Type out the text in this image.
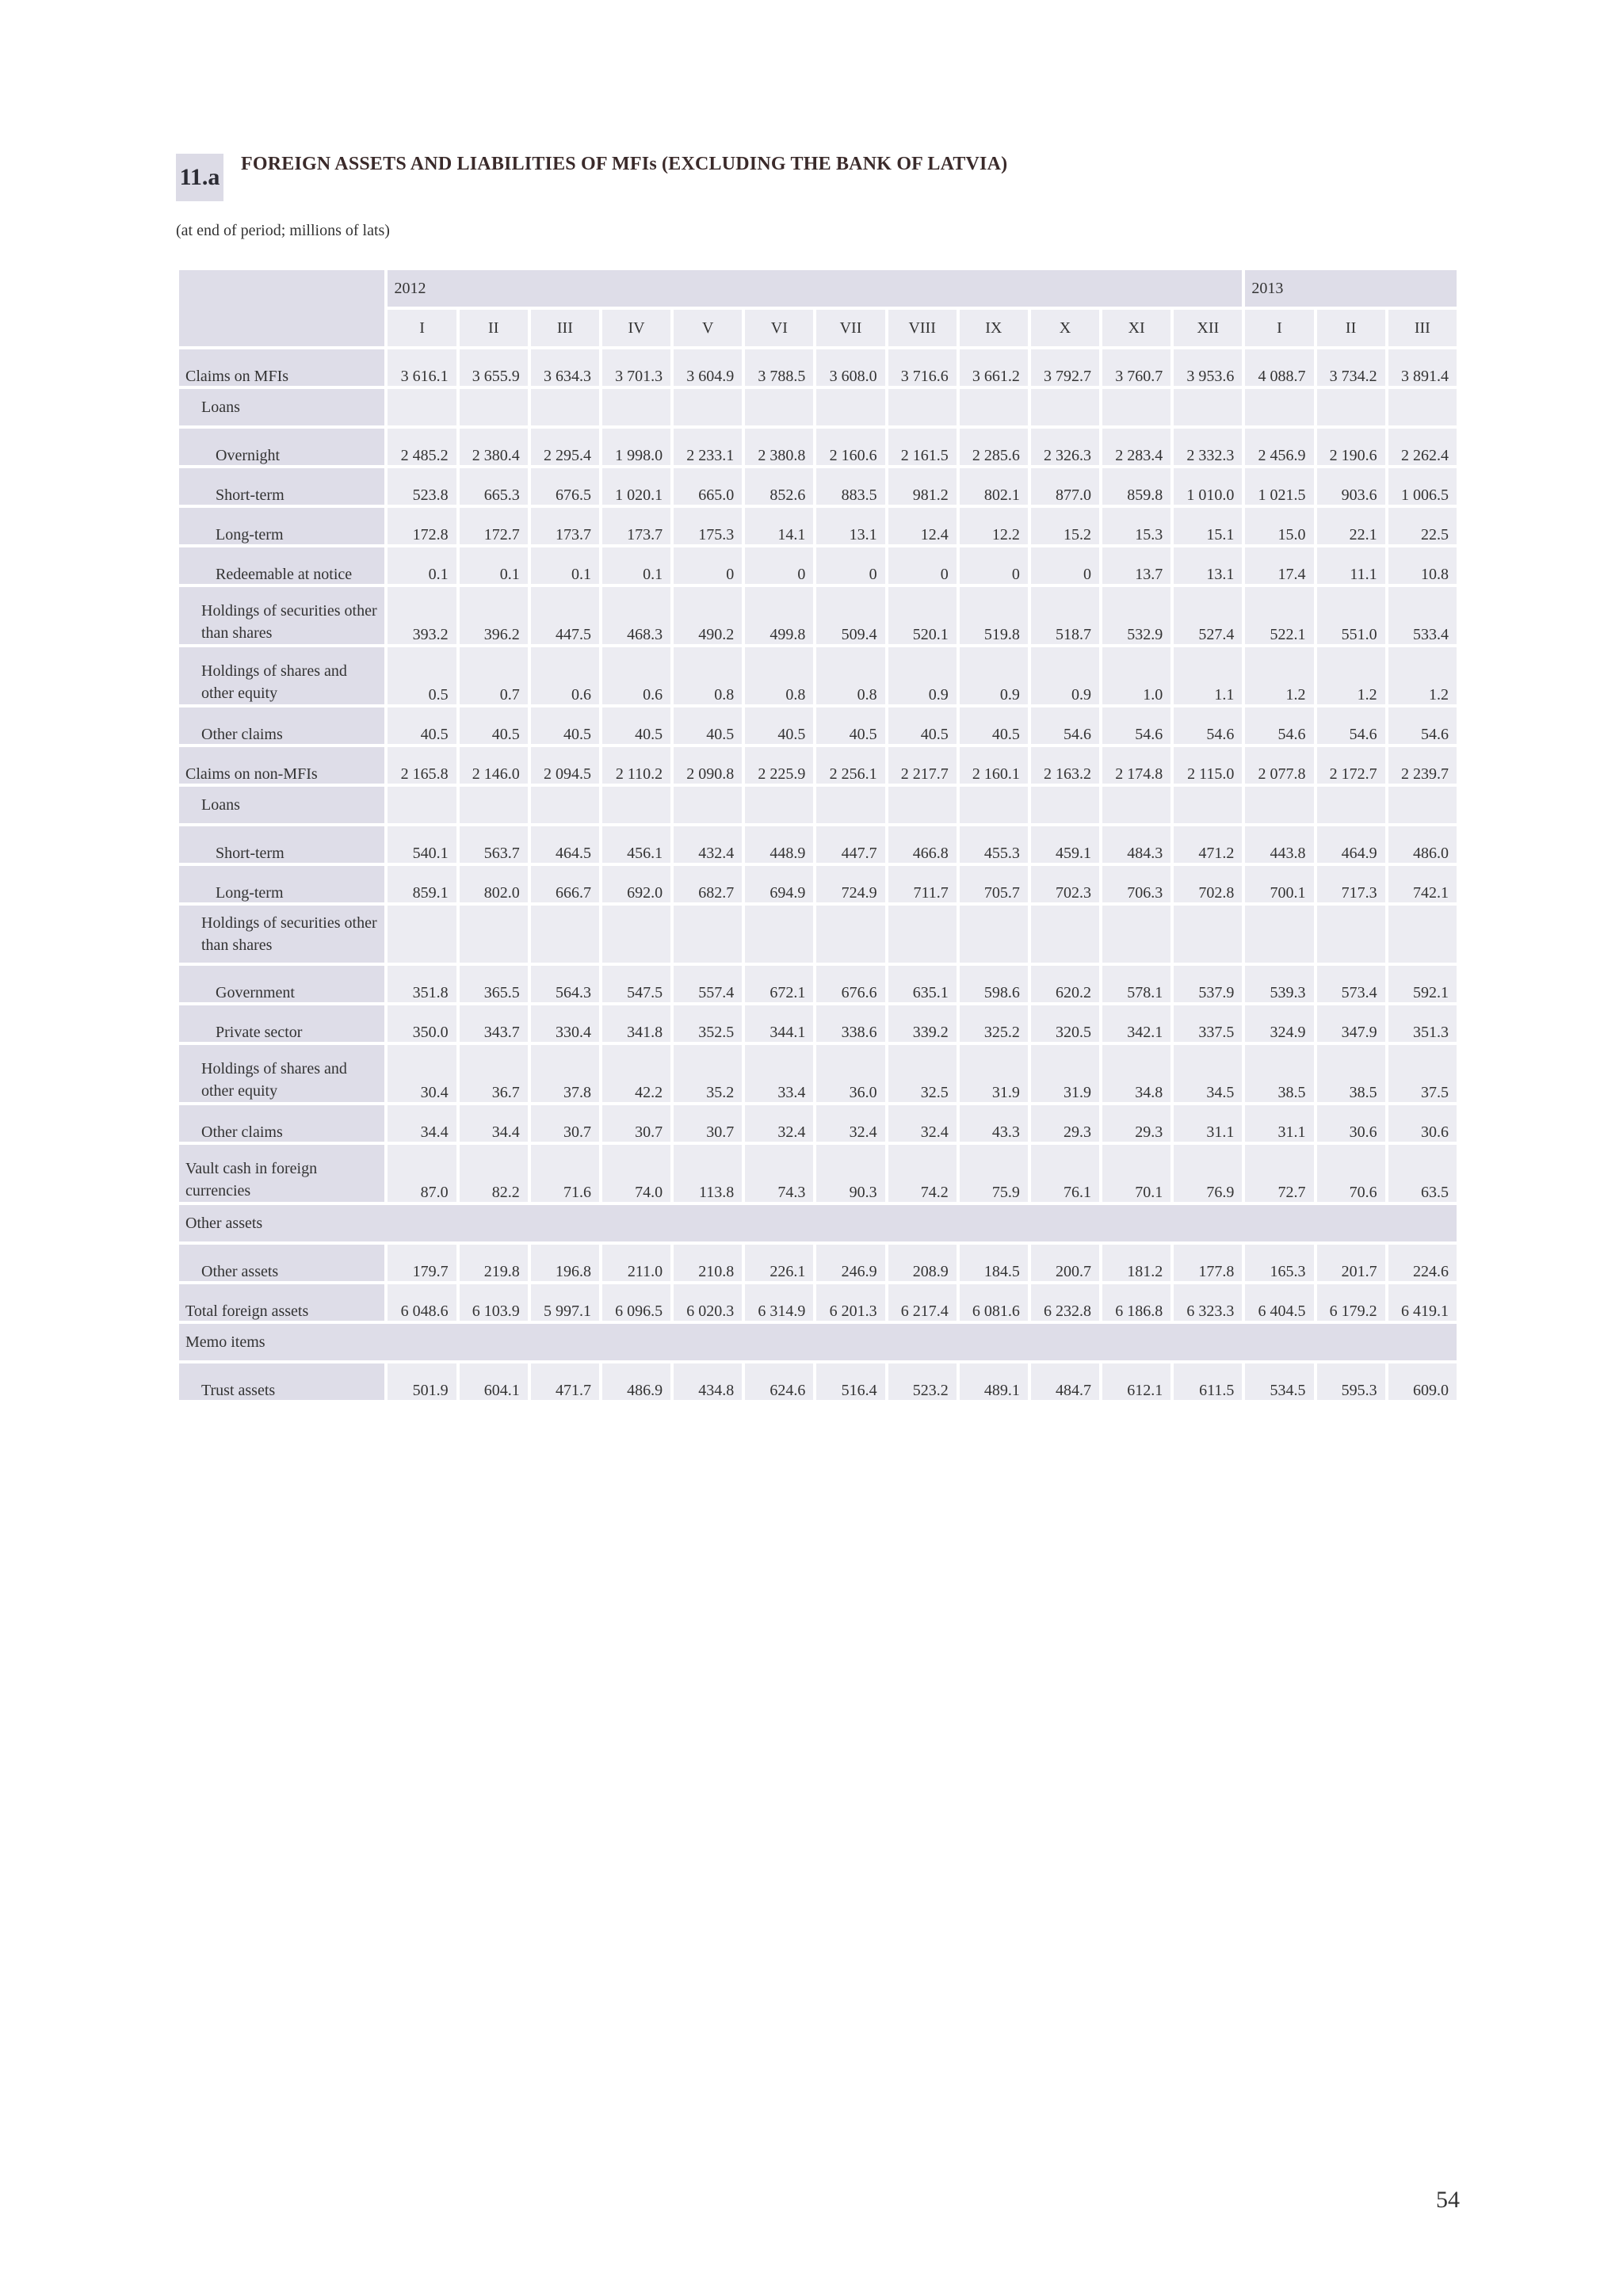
11.a FOREIGN ASSETS AND LIABILITIES OF MFIs (EXCLUDING THE BANK OF LATVIA)
(at end of period; millions of lats)
	2012												2013		
	I	II	III	IV	V	VI	VII	VIII	IX	X	XI	XII	I	II	III
Claims on MFIs	3 616.1	3 655.9	3 634.3	3 701.3	3 604.9	3 788.5	3 608.0	3 716.6	3 661.2	3 792.7	3 760.7	3 953.6	4 088.7	3 734.2	3 891.4
Loans															
Overnight	2 485.2	2 380.4	2 295.4	1 998.0	2 233.1	2 380.8	2 160.6	2 161.5	2 285.6	2 326.3	2 283.4	2 332.3	2 456.9	2 190.6	2 262.4
Short-term	523.8	665.3	676.5	1 020.1	665.0	852.6	883.5	981.2	802.1	877.0	859.8	1 010.0	1 021.5	903.6	1 006.5
Long-term	172.8	172.7	173.7	173.7	175.3	14.1	13.1	12.4	12.2	15.2	15.3	15.1	15.0	22.1	22.5
Redeemable at notice	0.1	0.1	0.1	0.1	0	0	0	0	0	0	13.7	13.1	17.4	11.1	10.8
Holdings of securities other than shares	393.2	396.2	447.5	468.3	490.2	499.8	509.4	520.1	519.8	518.7	532.9	527.4	522.1	551.0	533.4
Holdings of shares and other equity	0.5	0.7	0.6	0.6	0.8	0.8	0.8	0.9	0.9	0.9	1.0	1.1	1.2	1.2	1.2
Other claims	40.5	40.5	40.5	40.5	40.5	40.5	40.5	40.5	40.5	54.6	54.6	54.6	54.6	54.6	54.6
Claims on non-MFIs	2 165.8	2 146.0	2 094.5	2 110.2	2 090.8	2 225.9	2 256.1	2 217.7	2 160.1	2 163.2	2 174.8	2 115.0	2 077.8	2 172.7	2 239.7
Loans															
Short-term	540.1	563.7	464.5	456.1	432.4	448.9	447.7	466.8	455.3	459.1	484.3	471.2	443.8	464.9	486.0
Long-term	859.1	802.0	666.7	692.0	682.7	694.9	724.9	711.7	705.7	702.3	706.3	702.8	700.1	717.3	742.1
Holdings of securities other than shares															
Government	351.8	365.5	564.3	547.5	557.4	672.1	676.6	635.1	598.6	620.2	578.1	537.9	539.3	573.4	592.1
Private sector	350.0	343.7	330.4	341.8	352.5	344.1	338.6	339.2	325.2	320.5	342.1	337.5	324.9	347.9	351.3
Holdings of shares and other equity	30.4	36.7	37.8	42.2	35.2	33.4	36.0	32.5	31.9	31.9	34.8	34.5	38.5	38.5	37.5
Other claims	34.4	34.4	30.7	30.7	30.7	32.4	32.4	32.4	43.3	29.3	29.3	31.1	31.1	30.6	30.6
Vault cash in foreign currencies	87.0	82.2	71.6	74.0	113.8	74.3	90.3	74.2	75.9	76.1	70.1	76.9	72.7	70.6	63.5
Other assets															
Other assets	179.7	219.8	196.8	211.0	210.8	226.1	246.9	208.9	184.5	200.7	181.2	177.8	165.3	201.7	224.6
Total foreign assets	6 048.6	6 103.9	5 997.1	6 096.5	6 020.3	6 314.9	6 201.3	6 217.4	6 081.6	6 232.8	6 186.8	6 323.3	6 404.5	6 179.2	6 419.1
Memo items															
Trust assets	501.9	604.1	471.7	486.9	434.8	624.6	516.4	523.2	489.1	484.7	612.1	611.5	534.5	595.3	609.0
54
